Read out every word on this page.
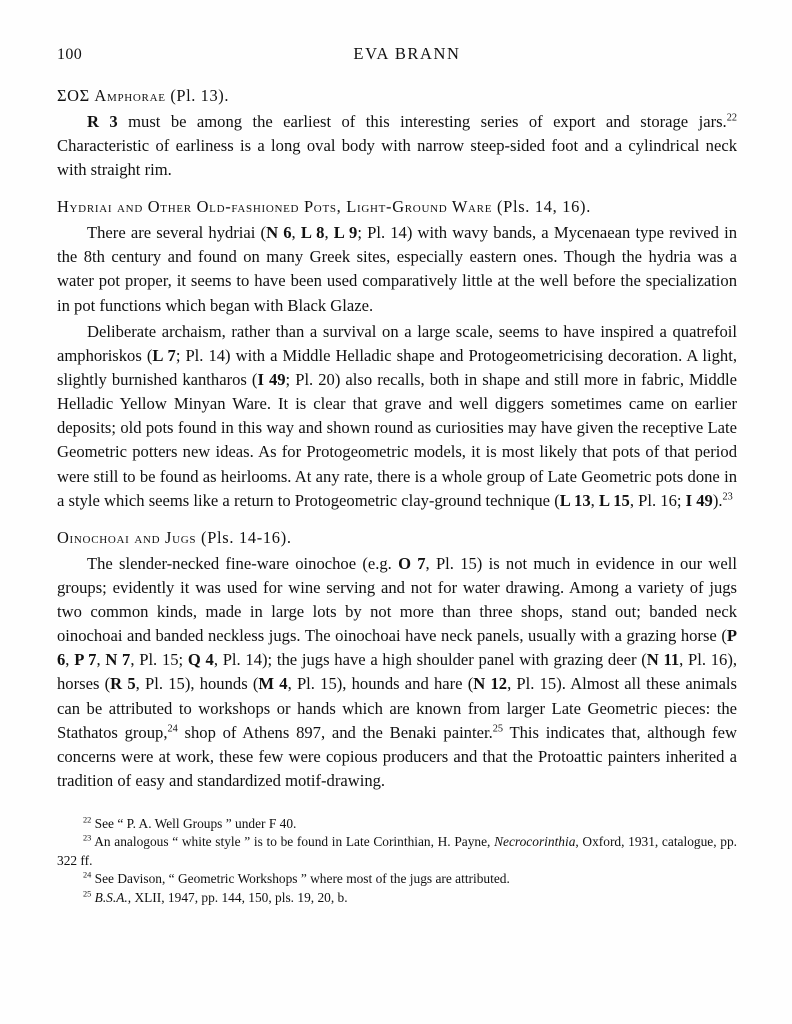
100	EVA BRANN
ΣΟΣ Amphorae (Pl. 13).

R 3 must be among the earliest of this interesting series of export and storage jars.$^{22}$ Characteristic of earliness is a long oval body with narrow steep-sided foot and a cylindrical neck with straight rim.

Hydriai and Other Old-fashioned Pots, Light-Ground Ware (Pls. 14, 16).

There are several hydriai (N 6, L 8, L 9; Pl. 14) with wavy bands, a Mycenaean type revived in the 8th century and found on many Greek sites, especially eastern ones. Though the hydria was a water pot proper, it seems to have been used comparatively little at the well before the specialization in pot functions which began with Black Glaze.

Deliberate archaism, rather than a survival on a large scale, seems to have inspired a quatrefoil amphoriskos (L 7; Pl. 14) with a Middle Helladic shape and Protogeometricising decoration. A light, slightly burnished kantharos (I 49; Pl. 20) also recalls, both in shape and still more in fabric, Middle Helladic Yellow Minyan Ware. It is clear that grave and well diggers sometimes came on earlier deposits; old pots found in this way and shown round as curiosities may have given the receptive Late Geometric potters new ideas. As for Protogeometric models, it is most likely that pots of that period were still to be found as heirlooms. At any rate, there is a whole group of Late Geometric pots done in a style which seems like a return to Protogeometric clay-ground technique (L 13, L 15, Pl. 16; I 49).$^{23}$

Oinochoai and Jugs (Pls. 14-16).

The slender-necked fine-ware oinochoe (e.g. O 7, Pl. 15) is not much in evidence in our well groups; evidently it was used for wine serving and not for water drawing. Among a variety of jugs two common kinds, made in large lots by not more than three shops, stand out; banded neck oinochoai and banded neckless jugs. The oinochoai have neck panels, usually with a grazing horse (P 6, P 7, N 7, Pl. 15; Q 4, Pl. 14); the jugs have a high shoulder panel with grazing deer (N 11, Pl. 16), horses (R 5, Pl. 15), hounds (M 4, Pl. 15), hounds and hare (N 12, Pl. 15). Almost all these animals can be attributed to workshops or hands which are known from larger Late Geometric pieces: the Stathatos group,$^{24}$ shop of Athens 897, and the Benaki painter.$^{25}$ This indicates that, although few concerns were at work, these few were copious producers and that the Protoattic painters inherited a tradition of easy and standardized motif-drawing.

$^{22}$ See “ P. A. Well Groups ” under F 40.

$^{23}$ An analogous “ white style ” is to be found in Late Corinthian, H. Payne, Necrocorinthia, Oxford, 1931, catalogue, pp. 322 ff.

$^{24}$ See Davison, “ Geometric Workshops ” where most of the jugs are attributed.

$^{25}$ B.S.A., XLII, 1947, pp. 144, 150, pls. 19, 20, b.
